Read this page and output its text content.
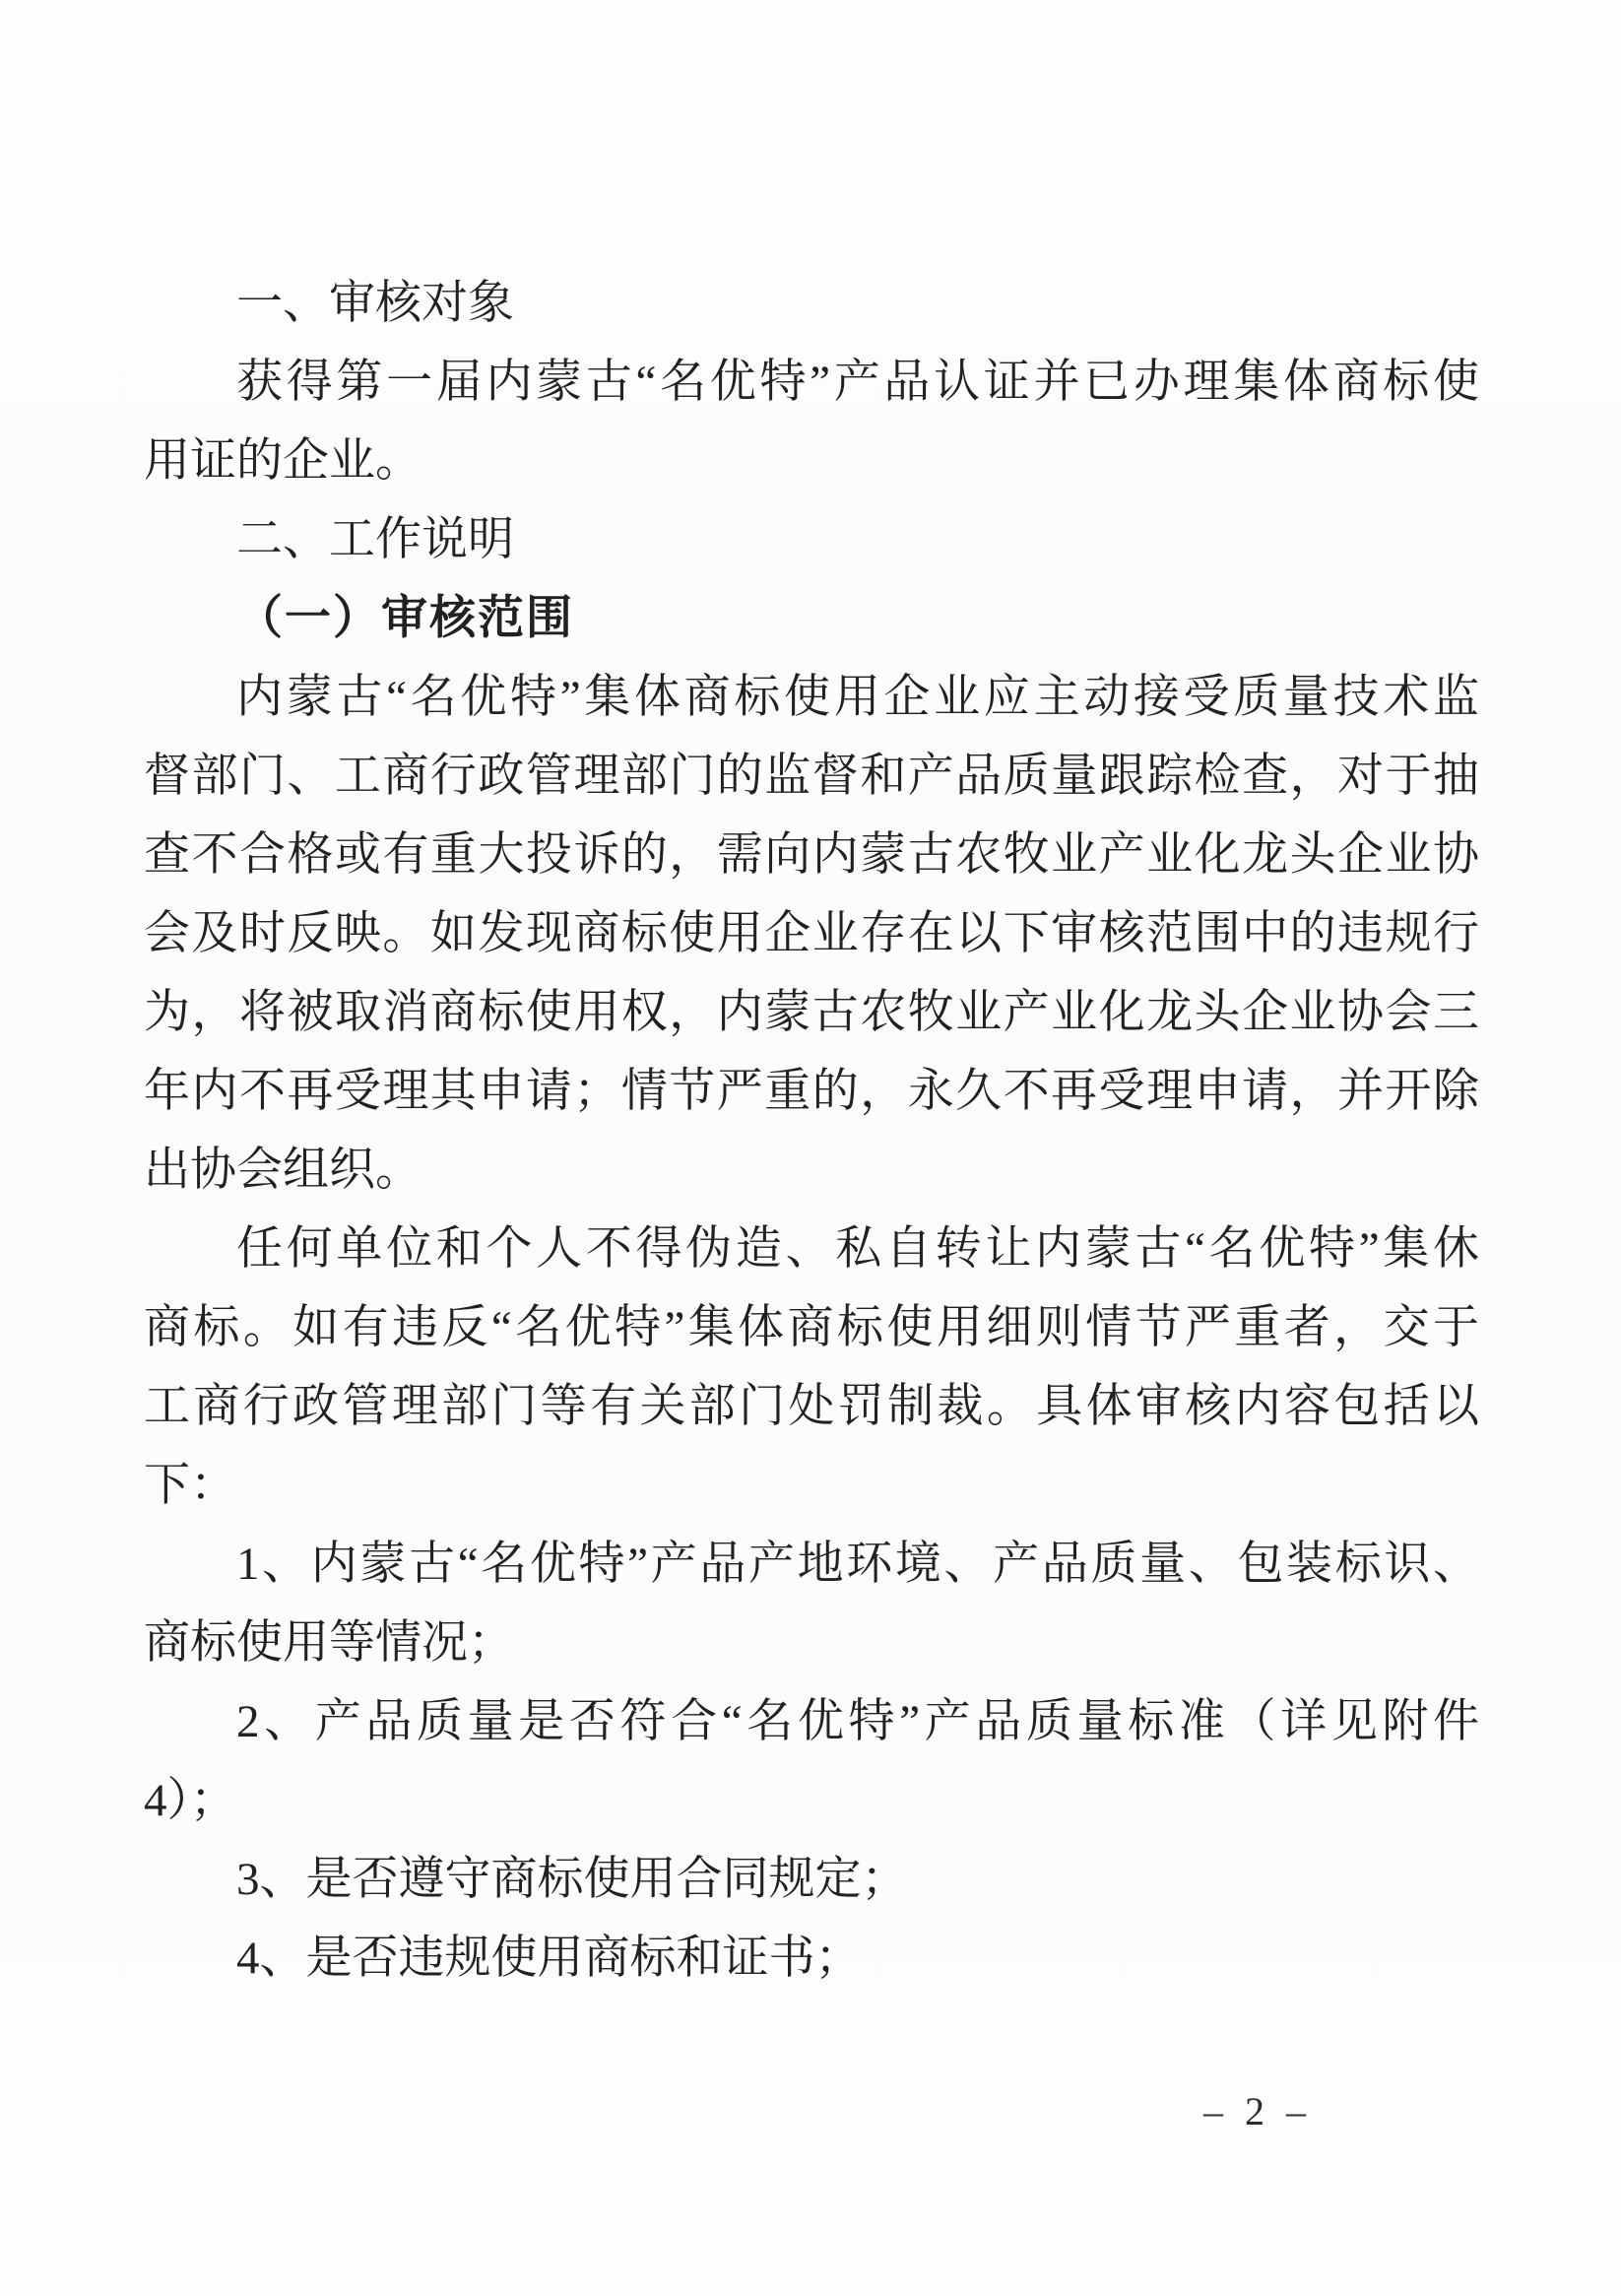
一、审核对象
获得第一届内蒙古“名优特”产品认证并已办理集体商标使
用证的企业。
二、工作说明
（一）审核范围
内蒙古“名优特”集体商标使用企业应主动接受质量技术监
督部门、工商行政管理部门的监督和产品质量跟踪检查，对于抽
查不合格或有重大投诉的，需向内蒙古农牧业产业化龙头企业协
会及时反映。如发现商标使用企业存在以下审核范围中的违规行
为，将被取消商标使用权，内蒙古农牧业产业化龙头企业协会三
年内不再受理其申请；情节严重的，永久不再受理申请，并开除
出协会组织。
任何单位和个人不得伪造、私自转让内蒙古“名优特”集休
商标。如有违反“名优特”集体商标使用细则情节严重者，交于
工商行政管理部门等有关部门处罚制裁。具体审核内容包括以
下：
1、内蒙古“名优特”产品产地环境、产品质量、包装标识、
商标使用等情况；
2、产品质量是否符合“名优特”产品质量标准（详见附件
4）；
3、是否遵守商标使用合同规定；
4、是否违规使用商标和证书；
– 2 –
